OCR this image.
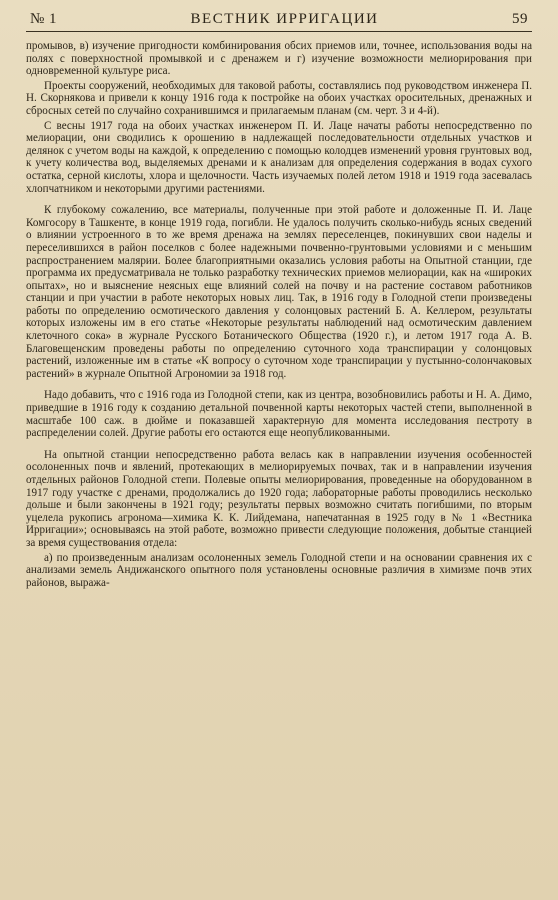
№ 1	ВЕСТНИК ИРРИГАЦИИ	59

промывов, в) изучение пригодности комбинирования обсих приемов или, точнее, использования воды на полях с поверхностной промывкой и с дренажем и г) изучение возможности мелиорирования при одновременной культуре риса.

Проекты сооружений, необходимых для таковой работы, составлялись под руководством инженера П. Н. Скорнякова и привели к концу 1916 года к постройке на обоих участках оросительных, дренажных и сбросных сетей по случайно сохранившимся и прилагаемым планам (см. черт. 3 и 4-й).

С весны 1917 года на обоих участках инженером П. И. Лаце начаты работы непосредственно по мелиорации, они сводились к орошению в надлежащей последовательности отдельных участков и делянок с учетом воды на каждой, к определению с помощью колодцев изменений уровня грунтовых вод, к учету количества вод, выделяемых дренами и к анализам для определения содержания в водах сухого остатка, серной кислоты, хлора и щелочности. Часть изучаемых полей летом 1918 и 1919 года засевалась хлопчатником и некоторыми другими растениями.

К глубокому сожалению, все материалы, полученные при этой работе и доложенные П. И. Лаце Комгосору в Ташкенте, в конце 1919 года, погибли. Не удалось получить сколько-нибудь ясных сведений о влиянии устроенного в то же время дренажа на землях переселенцев, покинувших свои наделы и переселившихся в район поселков с более надежными почвенно-грунтовыми условиями и с меньшим распространением малярии. Более благоприятными оказались условия работы на Опытной станции, где программа их предусматривала не только разработку технических приемов мелиорации, как на «широких опытах», но и выяснение неясных еще влияний солей на почву и на растение составом работников станции и при участии в работе некоторых новых лиц. Так, в 1916 году в Голодной степи произведены работы по определению осмотического давления у солонцовых растений Б. А. Келлером, результаты которых изложены им в его статье «Некоторые результаты наблюдений над осмотическим давлением клеточного сока» в журнале Русского Ботанического Общества (1920 г.), и летом 1917 года А. В. Благовещенским проведены работы по определению суточного хода транспирации у солонцовых растений, изложенные им в статье «К вопросу о суточном ходе транспирации у пустынно-солончаковых растений» в журнале Опытной Агрономии за 1918 год.

Надо добавить, что с 1916 года из Голодной степи, как из центра, возобновились работы и Н. А. Димо, приведшие в 1916 году к созданию детальной почвенной карты некоторых частей степи, выполненной в масштабе 100 саж. в дюйме и показавшей характерную для момента исследования пестроту в распределении солей. Другие работы его остаются еще неопубликованными.

На опытной станции непосредственно работа велась как в направлении изучения особенностей осолоненных почв и явлений, протекающих в мелиорируемых почвах, так и в направлении изучения отдельных районов Голодной степи. Полевые опыты мелиорирования, проведенные на оборудованном в 1917 году участке с дренами, продолжались до 1920 года; лабораторные работы проводились несколько дольше и были закончены в 1921 году; результаты первых возможно считать погибшими, по вторым уцелела рукопись агронома—химика К. К. Лийдемана, напечатанная в 1925 году в № 1 «Вестника Ирригации»; основываясь на этой работе, возможно привести следующие положения, добытые станцией за время существования отдела:

а) по произведенным анализам осолоненных земель Голодной степи и на основании сравнения их с анализами земель Андижанского опытного поля установлены основные различия в химизме почв этих районов, выража-
